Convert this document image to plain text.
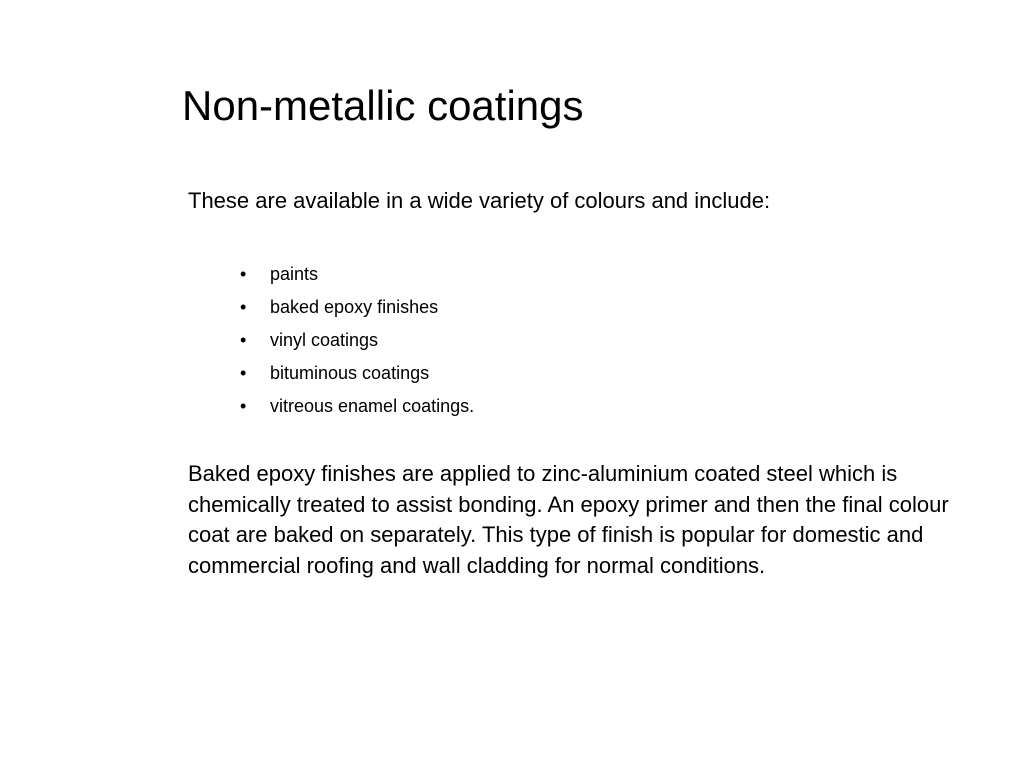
Non-metallic coatings

These are available in a wide variety of colours and include:

• paints
• baked epoxy finishes
• vinyl coatings
• bituminous coatings
• vitreous enamel coatings.

Baked epoxy finishes are applied to zinc-aluminium coated steel which is chemically treated to assist bonding. An epoxy primer and then the final colour coat are baked on separately. This type of finish is popular for domestic and commercial roofing and wall cladding for normal conditions.
